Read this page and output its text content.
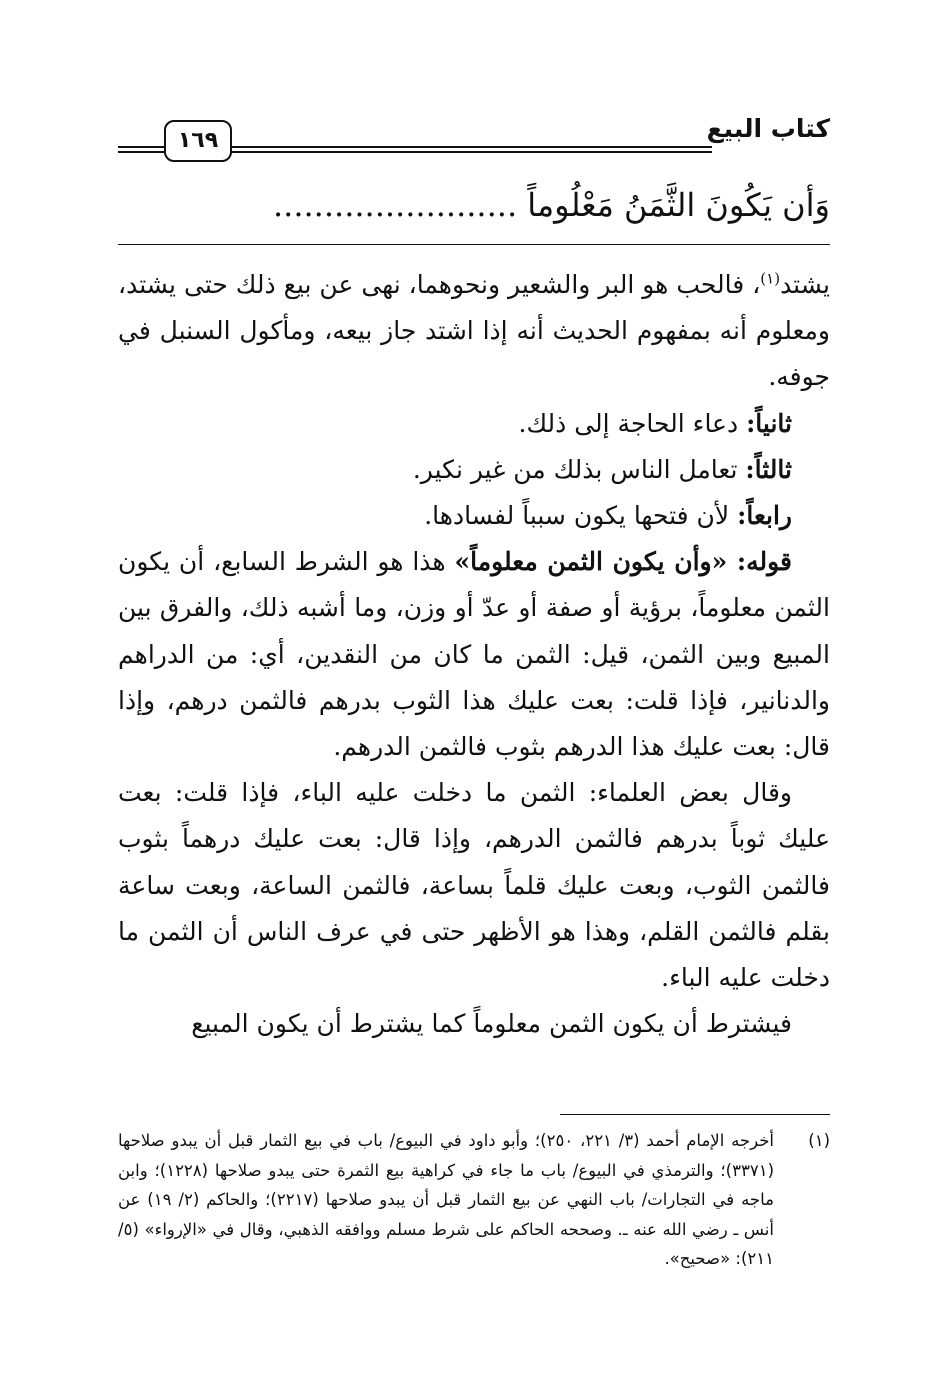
كتاب البيع
١٦٩
وَأن يَكُونَ الثَّمَنُ مَعْلُوماً ........................

يشتد$^{(١)}$، فالحب هو البر والشعير ونحوهما، نهى عن بيع ذلك حتى يشتد، ومعلوم أنه بمفهوم الحديث أنه إذا اشتد جاز بيعه، ومأكول السنبل في جوفه.

ثانياً: دعاء الحاجة إلى ذلك.

ثالثاً: تعامل الناس بذلك من غير نكير.

رابعاً: لأن فتحها يكون سبباً لفسادها.

قوله: «وأن يكون الثمن معلوماً» هذا هو الشرط السابع، أن يكون الثمن معلوماً، برؤية أو صفة أو عدّ أو وزن، وما أشبه ذلك، والفرق بين المبيع وبين الثمن، قيل: الثمن ما كان من النقدين، أي: من الدراهم والدنانير، فإذا قلت: بعت عليك هذا الثوب بدرهم فالثمن درهم، وإذا قال: بعت عليك هذا الدرهم بثوب فالثمن الدرهم.

وقال بعض العلماء: الثمن ما دخلت عليه الباء، فإذا قلت: بعت عليك ثوباً بدرهم فالثمن الدرهم، وإذا قال: بعت عليك درهماً بثوب فالثمن الثوب، وبعت عليك قلماً بساعة، فالثمن الساعة، وبعت ساعة بقلم فالثمن القلم، وهذا هو الأظهر حتى في عرف الناس أن الثمن ما دخلت عليه الباء.

فيشترط أن يكون الثمن معلوماً كما يشترط أن يكون المبيع

(١)
أخرجه الإمام أحمد (٣/ ٢٢١، ٢٥٠)؛ وأبو داود في البيوع/ باب في بيع الثمار قبل أن يبدو صلاحها (٣٣٧١)؛ والترمذي في البيوع/ باب ما جاء في كراهية بيع الثمرة حتى يبدو صلاحها (١٢٢٨)؛ وابن ماجه في التجارات/ باب النهي عن بيع الثمار قبل أن يبدو صلاحها (٢٢١٧)؛ والحاكم (٢/ ١٩) عن أنس ـ رضي الله عنه ـ. وصححه الحاكم على شرط مسلم ووافقه الذهبي، وقال في «الإرواء» (٥/ ٢١١): «صحيح».
